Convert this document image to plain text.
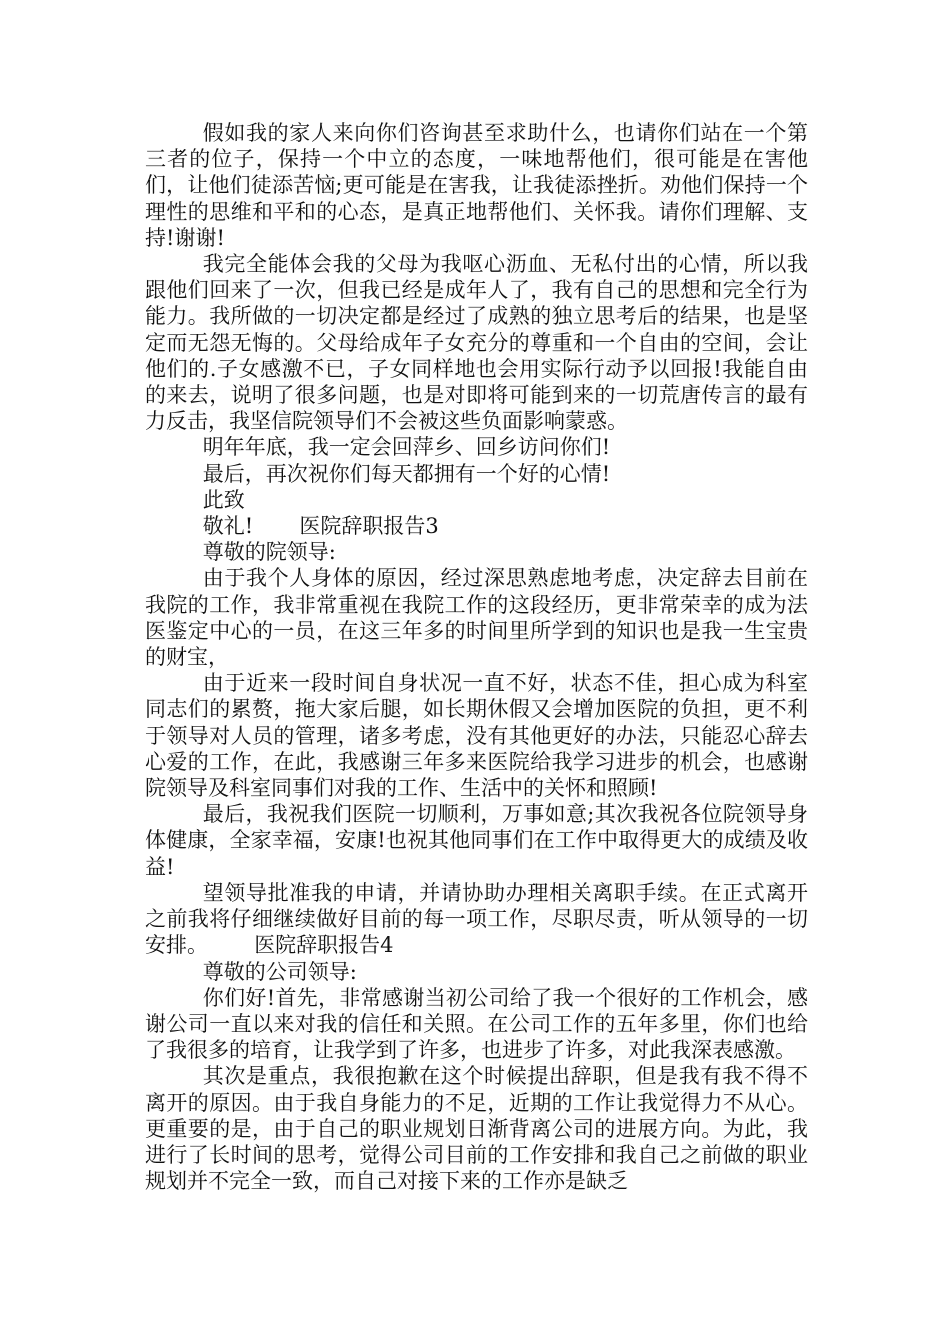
假如我的家人来向你们咨询甚至求助什么，也请你们站在一个第三者的位子，保持一个中立的态度，一味地帮他们，很可能是在害他们，让他们徒添苦恼;更可能是在害我，让我徒添挫折。劝他们保持一个理性的思维和平和的心态，是真正地帮他们、关怀我。请你们理解、支持!谢谢!

我完全能体会我的父母为我呕心沥血、无私付出的心情，所以我跟他们回来了一次，但我已经是成年人了，我有自己的思想和完全行为能力。我所做的一切决定都是经过了成熟的独立思考后的结果，也是坚定而无怨无悔的。父母给成年子女充分的尊重和一个自由的空间，会让他们的.子女感激不已，子女同样地也会用实际行动予以回报!我能自由的来去，说明了很多问题，也是对即将可能到来的一切荒唐传言的最有力反击，我坚信院领导们不会被这些负面影响蒙惑。

明年年底，我一定会回萍乡、回乡访问你们!

最后，再次祝你们每天都拥有一个好的心情!

此致

敬礼! 医院辞职报告3

尊敬的院领导:

由于我个人身体的原因，经过深思熟虑地考虑，决定辞去目前在我院的工作，我非常重视在我院工作的这段经历，更非常荣幸的成为法医鉴定中心的一员，在这三年多的时间里所学到的知识也是我一生宝贵的财宝，

由于近来一段时间自身状况一直不好，状态不佳，担心成为科室同志们的累赘，拖大家后腿，如长期休假又会增加医院的负担，更不利于领导对人员的管理，诸多考虑，没有其他更好的办法，只能忍心辞去心爱的工作，在此，我感谢三年多来医院给我学习进步的机会，也感谢院领导及科室同事们对我的工作、生活中的关怀和照顾!

最后，我祝我们医院一切顺利，万事如意;其次我祝各位院领导身体健康，全家幸福，安康!也祝其他同事们在工作中取得更大的成绩及收益!

望领导批准我的申请，并请协助办理相关离职手续。在正式离开之前我将仔细继续做好目前的每一项工作，尽职尽责，听从领导的一切安排。 医院辞职报告4

尊敬的公司领导:

你们好!首先，非常感谢当初公司给了我一个很好的工作机会，感谢公司一直以来对我的信任和关照。在公司工作的五年多里，你们也给了我很多的培育，让我学到了许多，也进步了许多，对此我深表感激。

其次是重点，我很抱歉在这个时候提出辞职，但是我有我不得不离开的原因。由于我自身能力的不足，近期的工作让我觉得力不从心。更重要的是，由于自己的职业规划日渐背离公司的进展方向。为此，我进行了长时间的思考，觉得公司目前的工作安排和我自己之前做的职业规划并不完全一致，而自己对接下来的工作亦是缺乏
